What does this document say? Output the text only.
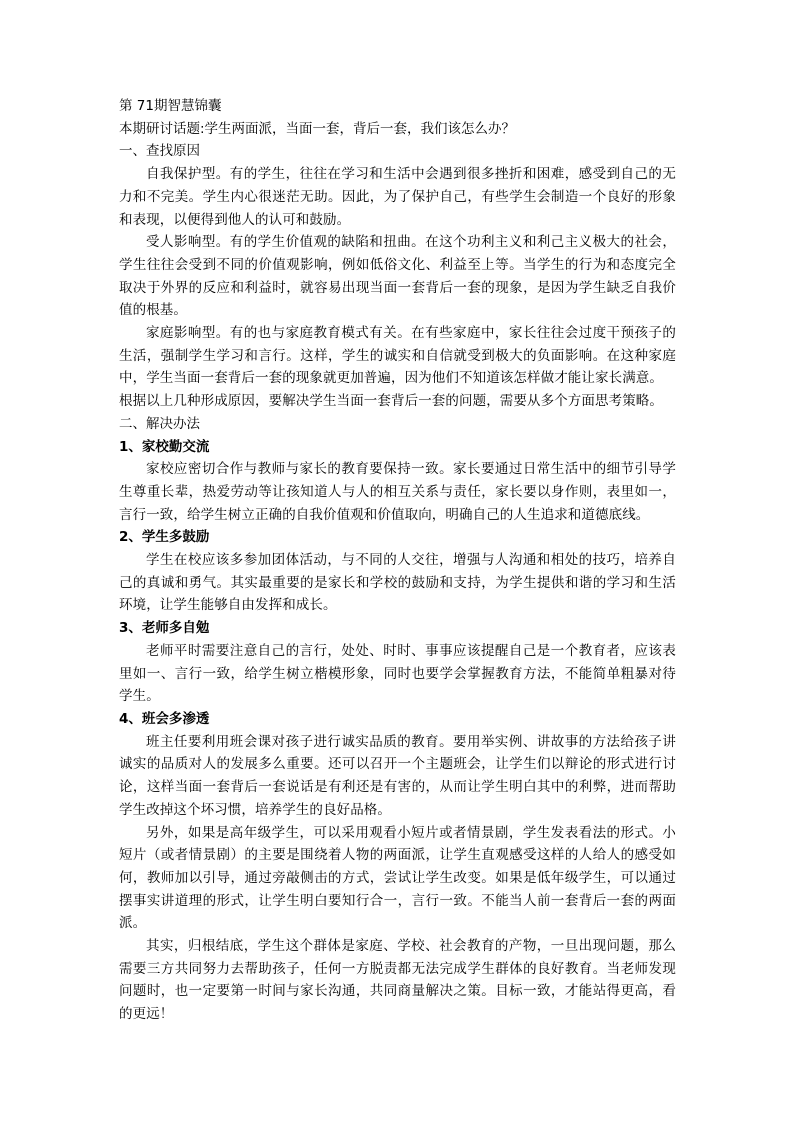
第 71期智慧锦囊

本期研讨话题:学生两面派，当面一套，背后一套，我们该怎么办？

一、查找原因

自我保护型。有的学生，往往在学习和生活中会遇到很多挫折和困难，感受到自己的无力和不完美。学生内心很迷茫无助。因此，为了保护自己，有些学生会制造一个良好的形象和表现，以便得到他人的认可和鼓励。

受人影响型。有的学生价值观的缺陷和扭曲。在这个功利主义和利己主义极大的社会，学生往往会受到不同的价值观影响，例如低俗文化、利益至上等。当学生的行为和态度完全取决于外界的反应和利益时，就容易出现当面一套背后一套的现象，是因为学生缺乏自我价值的根基。

家庭影响型。有的也与家庭教育模式有关。在有些家庭中，家长往往会过度干预孩子的生活，强制学生学习和言行。这样，学生的诚实和自信就受到极大的负面影响。在这种家庭中，学生当面一套背后一套的现象就更加普遍，因为他们不知道该怎样做才能让家长满意。

根据以上几种形成原因，要解决学生当面一套背后一套的问题，需要从多个方面思考策略。

二、解决办法

1、家校勤交流

家校应密切合作与教师与家长的教育要保持一致。家长要通过日常生活中的细节引导学生尊重长辈，热爱劳动等让孩知道人与人的相互关系与责任，家长要以身作则，表里如一，言行一致，给学生树立正确的自我价值观和价值取向，明确自己的人生追求和道德底线。

2、学生多鼓励

学生在校应该多参加团体活动，与不同的人交往，增强与人沟通和相处的技巧，培养自己的真诚和勇气。其实最重要的是家长和学校的鼓励和支持，为学生提供和谐的学习和生活环境，让学生能够自由发挥和成长。

3、老师多自勉

老师平时需要注意自己的言行，处处、时时、事事应该提醒自己是一个教育者，应该表里如一、言行一致，给学生树立楷模形象，同时也要学会掌握教育方法，不能简单粗暴对待学生。

4、班会多渗透

班主任要利用班会课对孩子进行诚实品质的教育。要用举实例、讲故事的方法给孩子讲诚实的品质对人的发展多么重要。还可以召开一个主题班会，让学生们以辩论的形式进行讨论，这样当面一套背后一套说话是有利还是有害的，从而让学生明白其中的利弊，进而帮助学生改掉这个坏习惯，培养学生的良好品格。

另外，如果是高年级学生，可以采用观看小短片或者情景剧，学生发表看法的形式。小短片（或者情景剧）的主要是围绕着人物的两面派，让学生直观感受这样的人给人的感受如何，教师加以引导，通过旁敲侧击的方式，尝试让学生改变。如果是低年级学生，可以通过摆事实讲道理的形式，让学生明白要知行合一，言行一致。不能当人前一套背后一套的两面派。

其实，归根结底，学生这个群体是家庭、学校、社会教育的产物，一旦出现问题，那么需要三方共同努力去帮助孩子，任何一方脱责都无法完成学生群体的良好教育。当老师发现问题时，也一定要第一时间与家长沟通，共同商量解决之策。目标一致，才能站得更高，看的更远！
